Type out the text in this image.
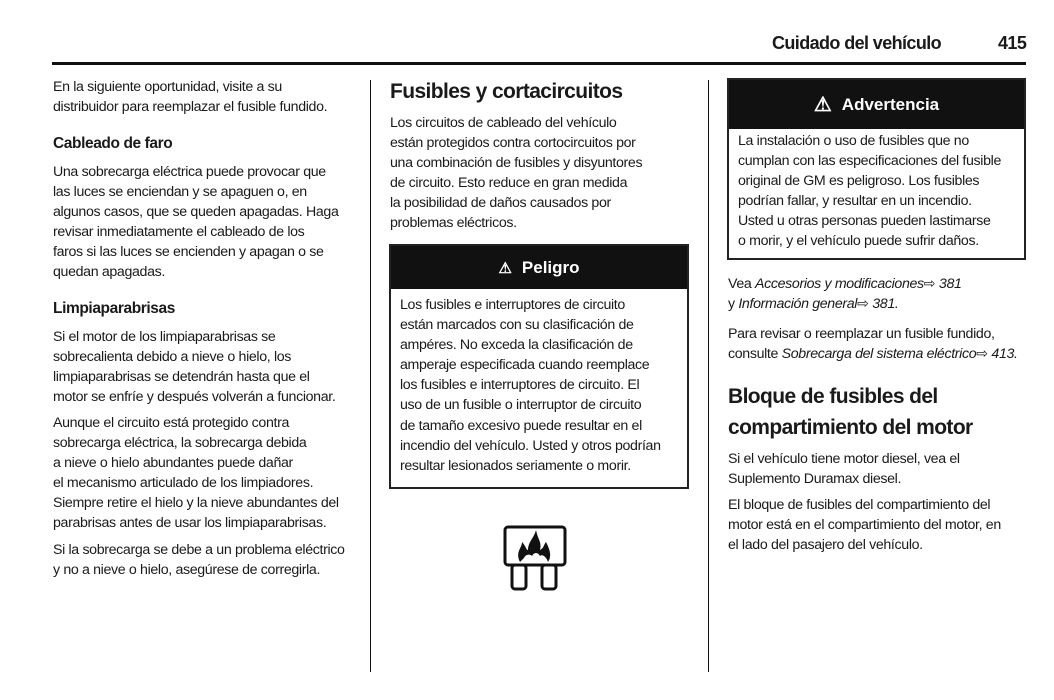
Cuidado del vehículo	415
En la siguiente oportunidad, visite a su
distribuidor para reemplazar el fusible fundido.
Cableado de faro
Una sobrecarga eléctrica puede provocar que
las luces se enciendan y se apaguen o, en
algunos casos, que se queden apagadas. Haga
revisar inmediatamente el cableado de los
faros si las luces se encienden y apagan o se
quedan apagadas.
Limpiaparabrisas
Si el motor de los limpiaparabrisas se
sobrecalienta debido a nieve o hielo, los
limpiaparabrisas se detendrán hasta que el
motor se enfríe y después volverán a funcionar.
Aunque el circuito está protegido contra
sobrecarga eléctrica, la sobrecarga debida
a nieve o hielo abundantes puede dañar
el mecanismo articulado de los limpiadores.
Siempre retire el hielo y la nieve abundantes del
parabrisas antes de usar los limpiaparabrisas.
Si la sobrecarga se debe a un problema eléctrico
y no a nieve o hielo, asegúrese de corregirla.
Fusibles y cortacircuitos
Los circuitos de cableado del vehículo
están protegidos contra cortocircuitos por
una combinación de fusibles y disyuntores
de circuito. Esto reduce en gran medida
la posibilidad de daños causados por
problemas eléctricos.
⚠ Peligro
Los fusibles e interruptores de circuito
están marcados con su clasificación de
ampéres. No exceda la clasificación de
amperaje especificada cuando reemplace
los fusibles e interruptores de circuito. El
uso de un fusible o interruptor de circuito
de tamaño excesivo puede resultar en el
incendio del vehículo. Usted y otros podrían
resultar lesionados seriamente o morir.
⚠ Advertencia
La instalación o uso de fusibles que no
cumplan con las especificaciones del fusible
original de GM es peligroso. Los fusibles
podrían fallar, y resultar en un incendio.
Usted u otras personas pueden lastimarse
o morir, y el vehículo puede sufrir daños.
Vea Accesorios y modificaciones⇨ 381
y Información general⇨ 381.
Para revisar o reemplazar un fusible fundido,
consulte Sobrecarga del sistema eléctrico⇨ 413.
Bloque de fusibles del
compartimiento del motor
Si el vehículo tiene motor diesel, vea el
Suplemento Duramax diesel.
El bloque de fusibles del compartimiento del
motor está en el compartimiento del motor, en
el lado del pasajero del vehículo.
